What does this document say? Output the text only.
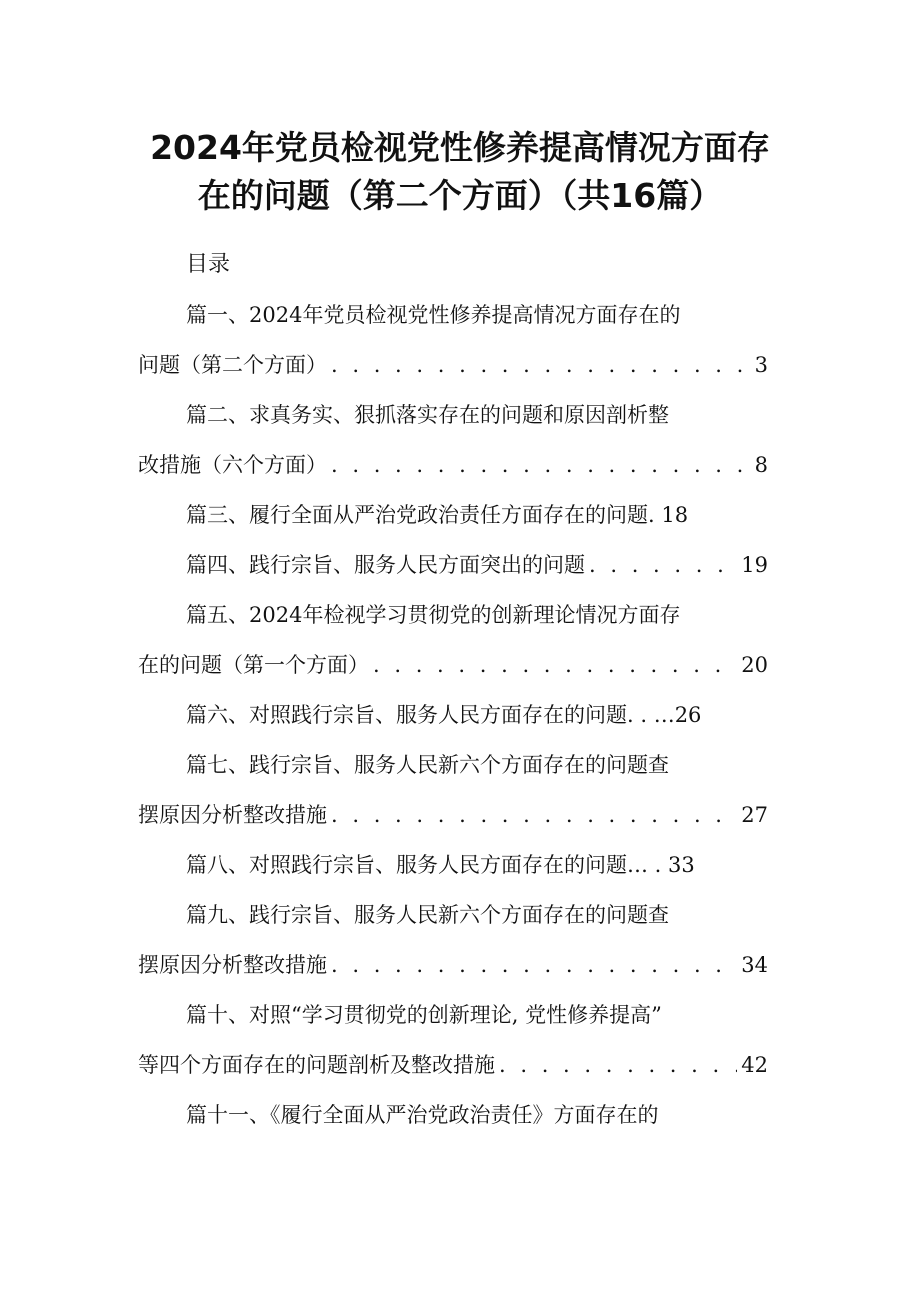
2024年党员检视党性修养提高情况方面存
在的问题（第二个方面）（共16篇）
目录
篇一、2024年党员检视党性修养提高情况方面存在的
问题（第二个方面） . . .	3
篇二、求真务实、狠抓落实存在的问题和原因剖析整
改措施（六个方面） . . .	8
篇三、履行全面从严治党政治责任方面存在的问题. 18
篇四、践行宗旨、服务人民方面突出的问题 . . .	19
篇五、2024年检视学习贯彻党的创新理论情况方面存
在的问题（第一个方面） . . .	20
篇六、对照践行宗旨、服务人民方面存在的问题. . …26
篇七、践行宗旨、服务人民新六个方面存在的问题查
摆原因分析整改措施 . . .	27
篇八、对照践行宗旨、服务人民方面存在的问题… . 33
篇九、践行宗旨、服务人民新六个方面存在的问题查
摆原因分析整改措施 . . .	34
篇十、对照“学习贯彻党的创新理论, 党性修养提高”
等四个方面存在的问题剖析及整改措施 . . .	42
篇十一、《履行全面从严治党政治责任》方面存在的
